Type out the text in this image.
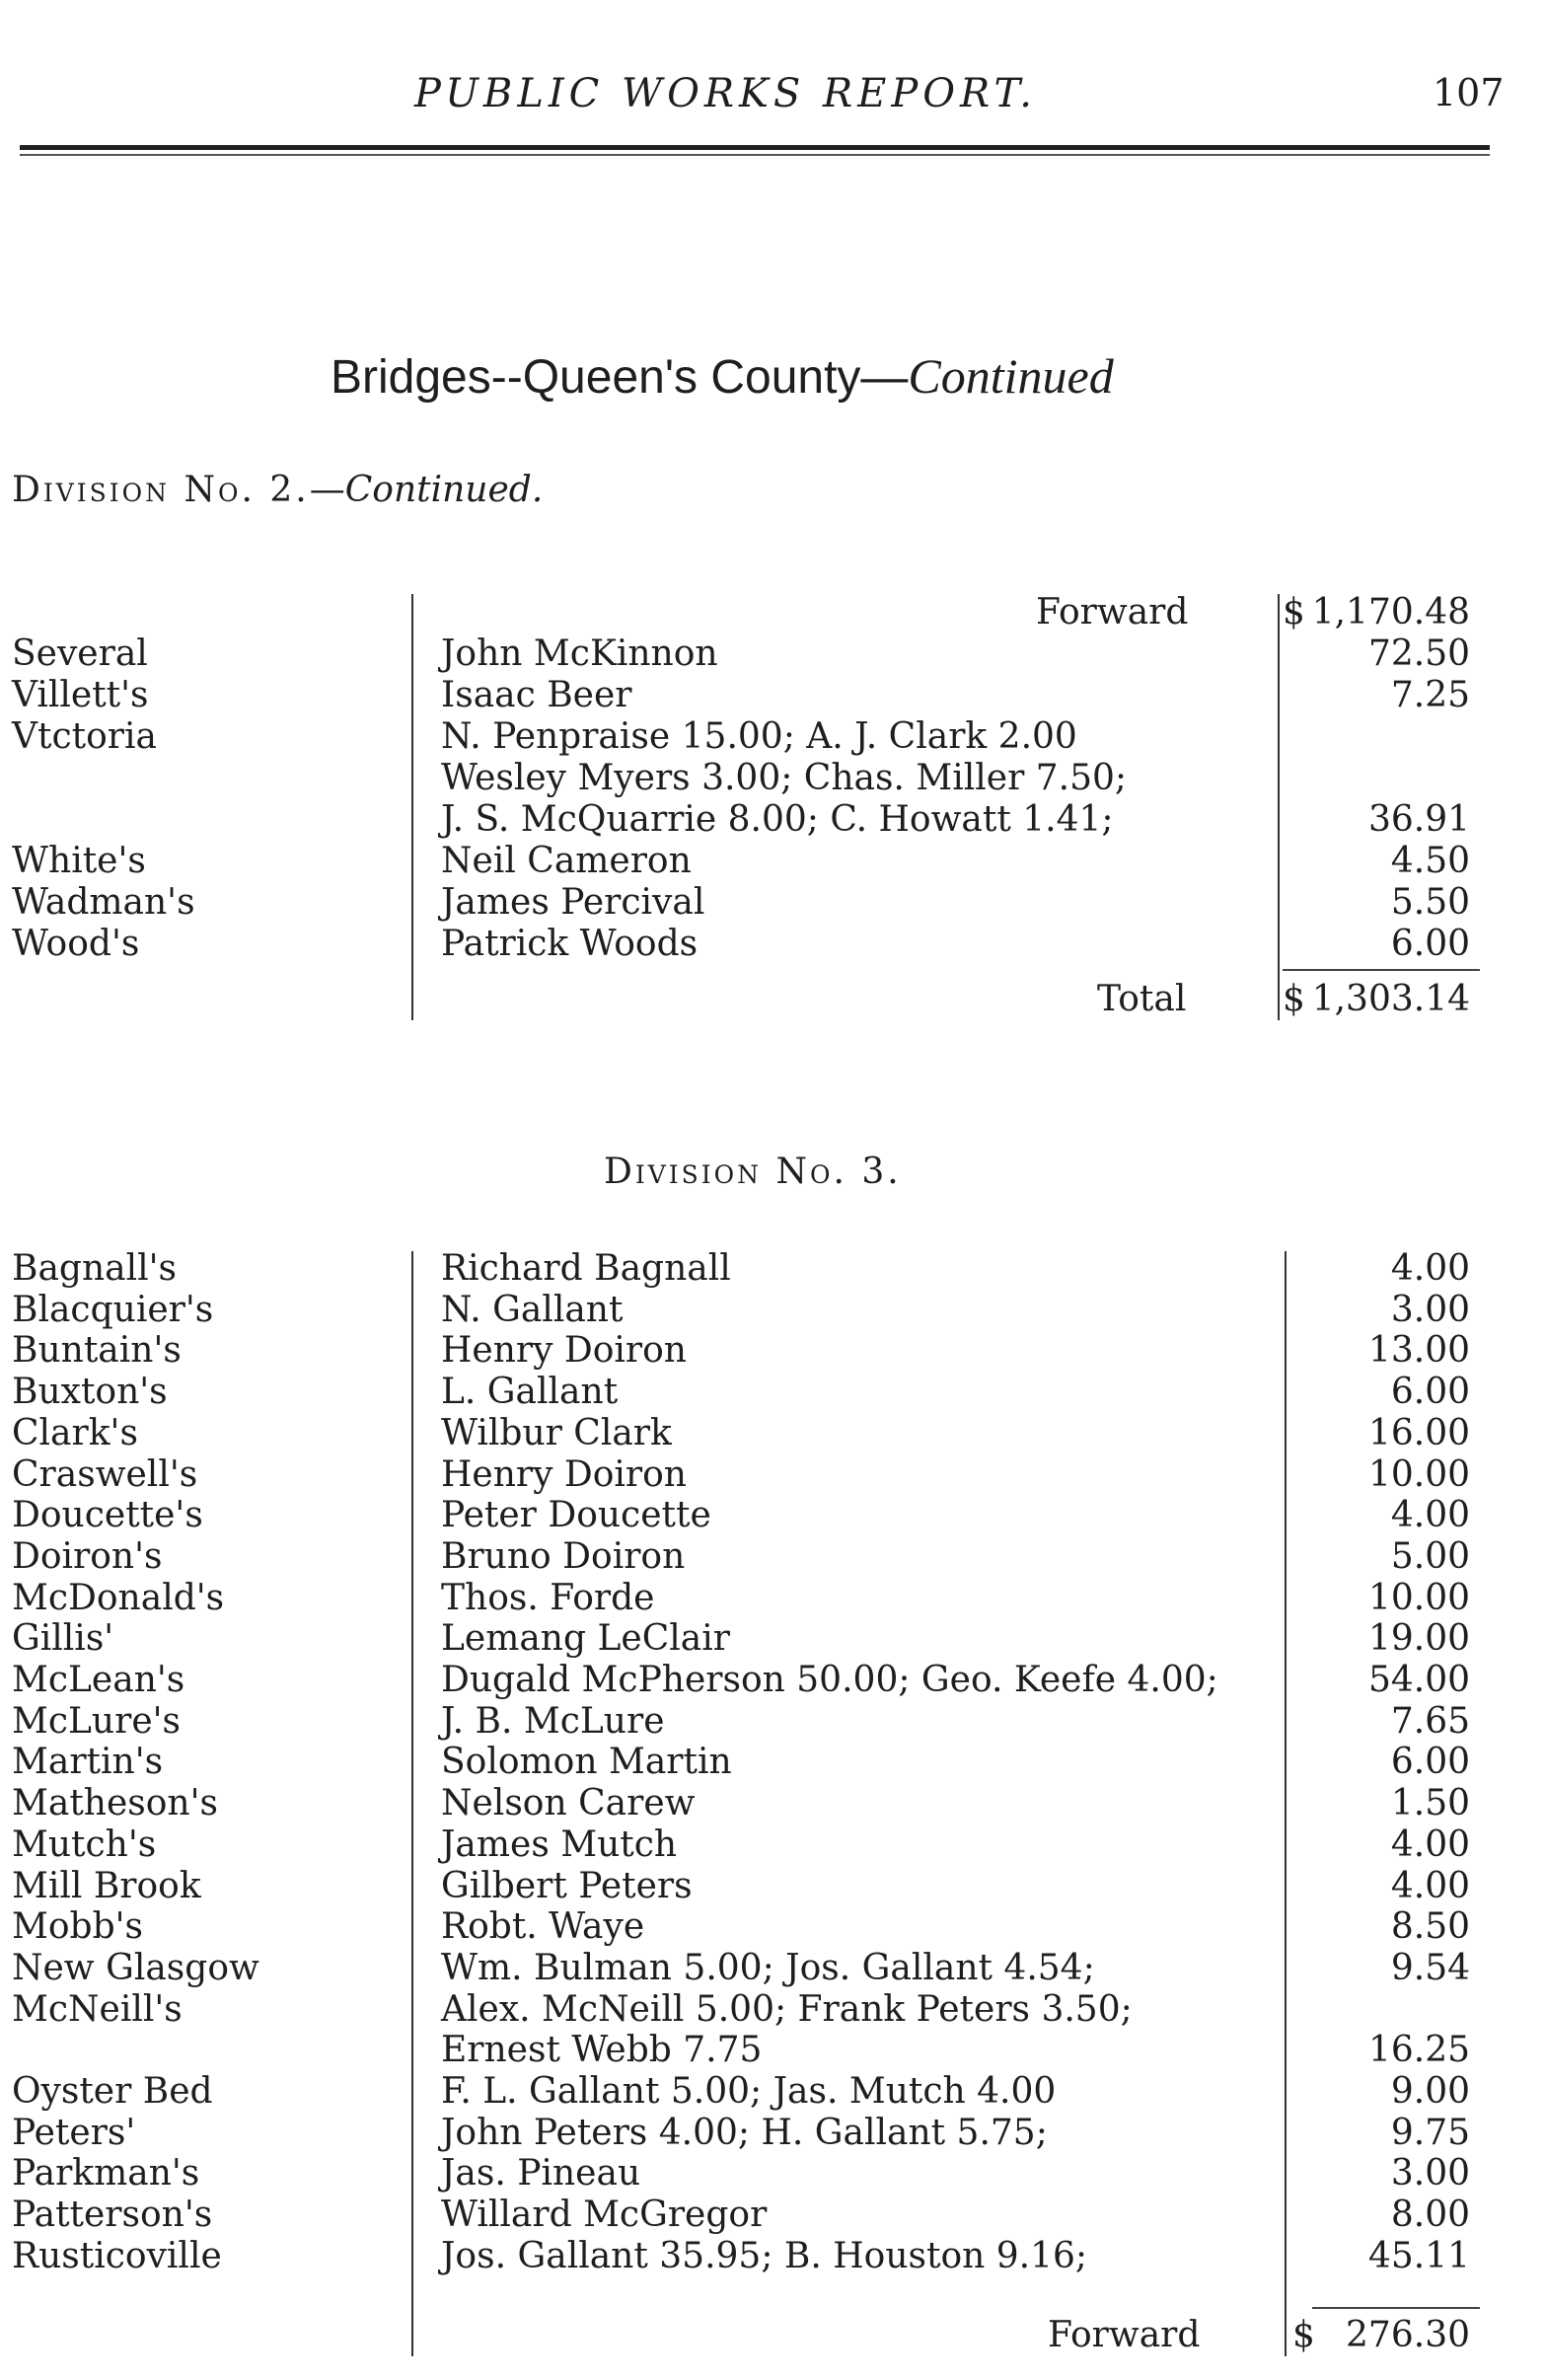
PUBLIC WORKS REPORT.	107
Bridges--Queen's County—Continued
Division No. 2.—Continued.
Forward	$ 1,170.48
Several	John McKinnon	72.50
Villett's	Isaac Beer	7.25
Vtctoria	N. Penpraise 15.00; A. J. Clark 2.00
Wesley Myers 3.00; Chas. Miller 7.50;
J. S. McQuarrie 8.00; C. Howatt 1.41;	36.91
White's	Neil Cameron	4.50
Wadman's	James Percival	5.50
Wood's	Patrick Woods	6.00
Total	$ 1,303.14
Division No. 3.
Bagnall's	Richard Bagnall	4.00
Blacquier's	N. Gallant	3.00
Buntain's	Henry Doiron	13.00
Buxton's	L. Gallant	6.00
Clark's	Wilbur Clark	16.00
Craswell's	Henry Doiron	10.00
Doucette's	Peter Doucette	4.00
Doiron's	Bruno Doiron	5.00
McDonald's	Thos. Forde	10.00
Gillis'	Lemang LeClair	19.00
McLean's	Dugald McPherson 50.00; Geo. Keefe 4.00;	54.00
McLure's	J. B. McLure	7.65
Martin's	Solomon Martin	6.00
Matheson's	Nelson Carew	1.50
Mutch's	James Mutch	4.00
Mill Brook	Gilbert Peters	4.00
Mobb's	Robt. Waye	8.50
New Glasgow	Wm. Bulman 5.00; Jos. Gallant 4.54;	9.54
McNeill's	Alex. McNeill 5.00; Frank Peters 3.50;
Ernest Webb 7.75	16.25
Oyster Bed	F. L. Gallant 5.00; Jas. Mutch 4.00	9.00
Peters'	John Peters 4.00; H. Gallant 5.75;	9.75
Parkman's	Jas. Pineau	3.00
Patterson's	Willard McGregor	8.00
Rusticoville	Jos. Gallant 35.95; B. Houston 9.16;	45.11
Forward	$ 276.30
